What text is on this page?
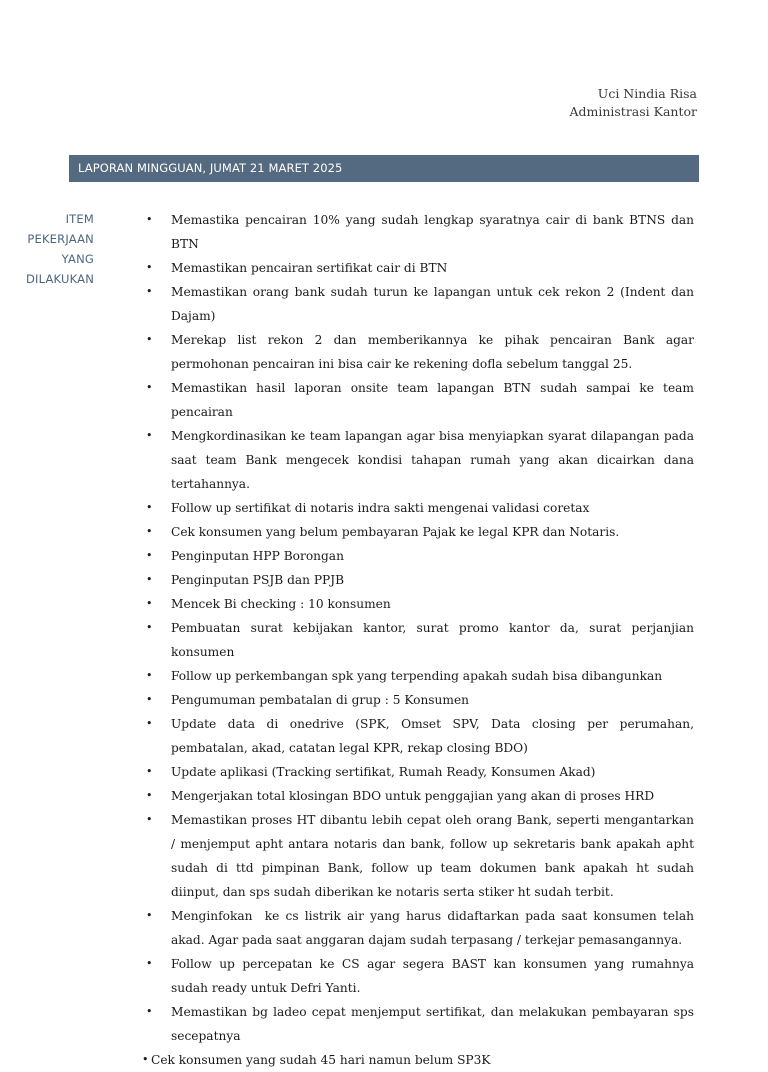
Uci Nindia Risa
Administrasi Kantor
LAPORAN MINGGUAN, JUMAT 21 MARET 2025
ITEM
PEKERJAAN
YANG
DILAKUKAN
• Memastika pencairan 10% yang sudah lengkap syaratnya cair di bank BTNS dan BTN
• Memastikan pencairan sertifikat cair di BTN
• Memastikan orang bank sudah turun ke lapangan untuk cek rekon 2 (Indent dan Dajam)
• Merekap list rekon 2 dan memberikannya ke pihak pencairan Bank agar permohonan pencairan ini bisa cair ke rekening dofla sebelum tanggal 25.
• Memastikan hasil laporan onsite team lapangan BTN sudah sampai ke team pencairan
• Mengkordinasikan ke team lapangan agar bisa menyiapkan syarat dilapangan pada saat team Bank mengecek kondisi tahapan rumah yang akan dicairkan dana tertahannya.
• Follow up sertifikat di notaris indra sakti mengenai validasi coretax
• Cek konsumen yang belum pembayaran Pajak ke legal KPR dan Notaris.
• Penginputan HPP Borongan
• Penginputan PSJB dan PPJB
• Mencek Bi checking : 10 konsumen
• Pembuatan surat kebijakan kantor, surat promo kantor da, surat perjanjian konsumen
• Follow up perkembangan spk yang terpending apakah sudah bisa dibangunkan
• Pengumuman pembatalan di grup : 5 Konsumen
• Update data di onedrive (SPK, Omset SPV, Data closing per perumahan, pembatalan, akad, catatan legal KPR, rekap closing BDO)
• Update aplikasi (Tracking sertifikat, Rumah Ready, Konsumen Akad)
• Mengerjakan total klosingan BDO untuk penggajian yang akan di proses HRD
• Memastikan proses HT dibantu lebih cepat oleh orang Bank, seperti mengantarkan / menjemput apht antara notaris dan bank, follow up sekretaris bank apakah apht sudah di ttd pimpinan Bank, follow up team dokumen bank apakah ht sudah diinput, dan sps sudah diberikan ke notaris serta stiker ht sudah terbit.
• Menginfokan  ke cs listrik air yang harus didaftarkan pada saat konsumen telah akad. Agar pada saat anggaran dajam sudah terpasang / terkejar pemasangannya.
• Follow up percepatan ke CS agar segera BAST kan konsumen yang rumahnya sudah ready untuk Defri Yanti.
• Memastikan bg ladeo cepat menjemput sertifikat, dan melakukan pembayaran sps secepatnya
• Cek konsumen yang sudah 45 hari namun belum SP3K
